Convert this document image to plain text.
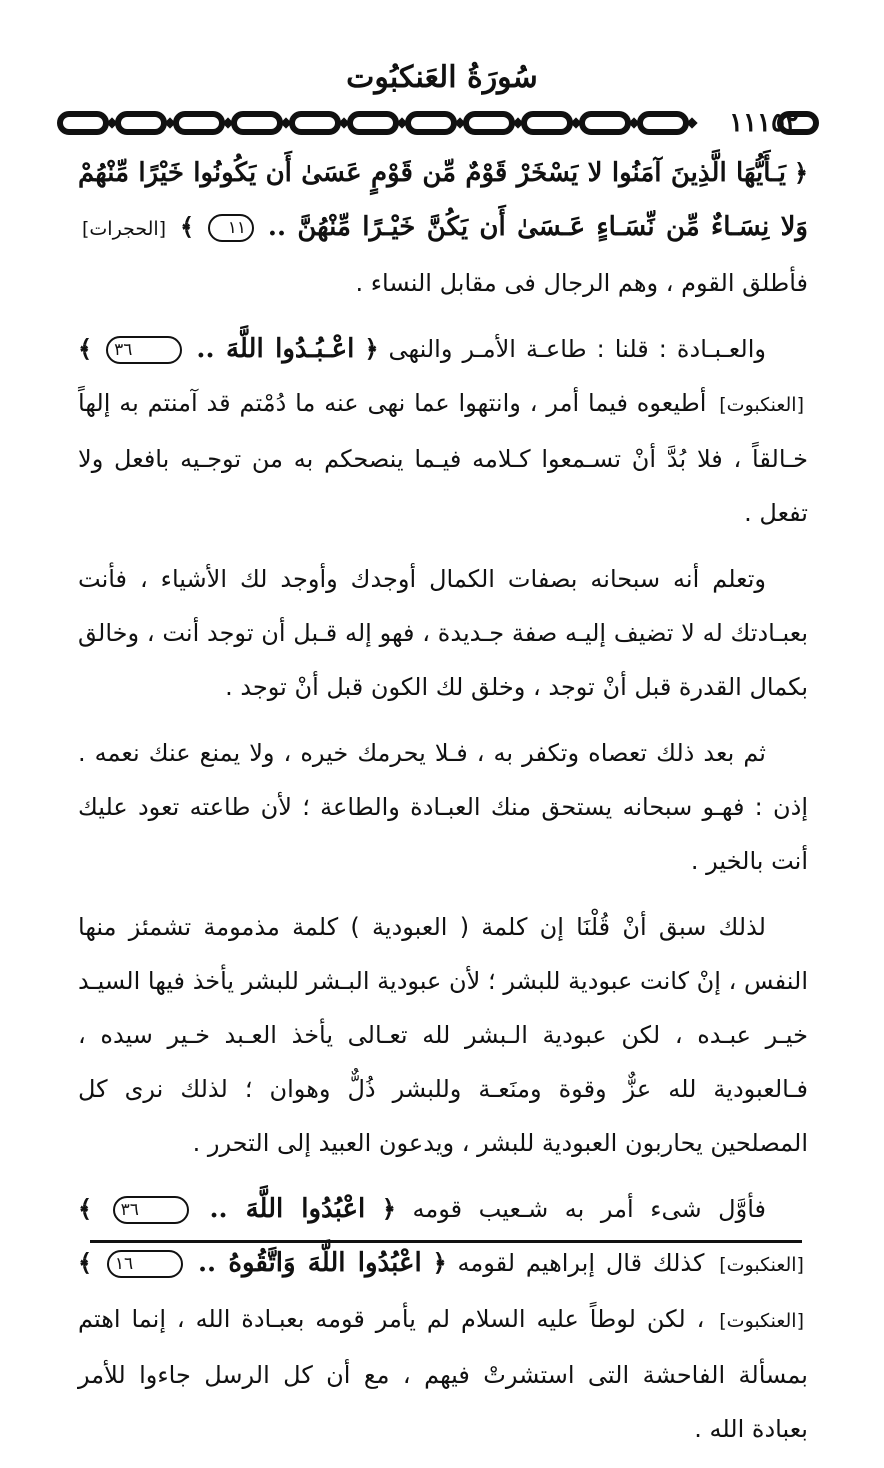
سُورَةُ العَنكبُوت
١١١٥٢

﴿ يَـأَيُّهَا الَّذِينَ آمَنُوا لا يَسْخَرْ قَوْمٌ مِّن قَوْمٍ عَسَىٰ أَن يَكُونُوا خَيْرًا مِّنْهُمْ وَلا نِسَـاءٌ مِّن نِّسَـاءٍ عَـسَىٰ أَن يَكُنَّ خَيْـرًا مِّنْهُنَّ .. ١١ ﴾ [الحجرات] فأطلق القوم ، وهم الرجال فى مقابل النساء .

والعـبـادة : قلنا : طاعـة الأمـر والنهى ﴿ اعْـبُـدُوا اللَّهَ .. ٣٦ ﴾ [العنكبوت] أطيعوه فيما أمر ، وانتهوا عما نهى عنه ما دُمْتم قد آمنتم به إلهاً خـالقاً ، فلا بُدَّ أنْ تسـمعوا كـلامه فيـما ينصحكم به من توجـيه بافعل ولا تفعل .

وتعلم أنه سبحانه بصفات الكمال أوجدك وأوجد لك الأشياء ، فأنت بعبـادتك له لا تضيف إليـه صفة جـديدة ، فهو إله قـبل أن توجد أنت ، وخالق بكمال القدرة قبل أنْ توجد ، وخلق لك الكون قبل أنْ توجد .

ثم بعد ذلك تعصاه وتكفر به ، فـلا يحرمك خيره ، ولا يمنع عنك نعمه . إذن : فهـو سبحانه يستحق منك العبـادة والطاعة ؛ لأن طاعته تعود عليك أنت بالخير .

لذلك سبق أنْ قُلْنَا إن كلمة ( العبودية ) كلمة مذمومة تشمئز منها النفس ، إنْ كانت عبودية للبشر ؛ لأن عبودية البـشر للبشر يأخذ فيها السيـد خيـر عبـده ، لكن عبودية الـبشر لله تعـالى يأخذ العـبد خـير سيده ، فـالعبودية لله عزٌّ وقوة ومنَعـة وللبشر ذُلٌّ وهوان ؛ لذلك نرى كل المصلحين يحاربون العبودية للبشر ، ويدعون العبيد إلى التحرر .

فأوَّل شىء أمر به شـعيب قومه ﴿ اعْبُدُوا اللَّهَ .. ٣٦ ﴾ [العنكبوت] كذلك قال إبراهيم لقومه ﴿ اعْبُدُوا اللَّهَ وَاتَّقُوهُ .. ١٦ ﴾ [العنكبوت] ، لكن لوطاً عليه السلام لم يأمر قومه بعبـادة الله ، إنما اهتم بمسألة الفاحشة التى استشرتْ فيهم ، مع أن كل الرسل جاءوا للأمر بعبادة الله .
